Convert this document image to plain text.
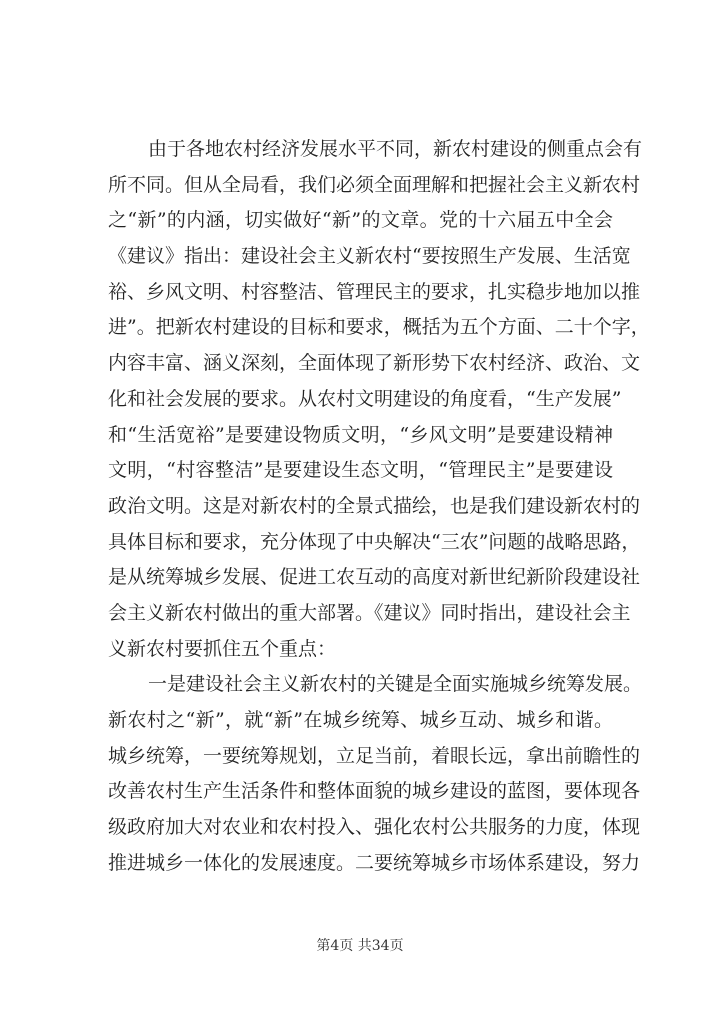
由于各地农村经济发展水平不同，新农村建设的侧重点会有
所不同。但从全局看，我们必须全面理解和把握社会主义新农村
之“新”的内涵，切实做好“新”的文章。党的十六届五中全会
《建议》指出：建设社会主义新农村“要按照生产发展、生活宽
裕、乡风文明、村容整洁、管理民主的要求，扎实稳步地加以推
进”。把新农村建设的目标和要求，概括为五个方面、二十个字，
内容丰富、涵义深刻，全面体现了新形势下农村经济、政治、文
化和社会发展的要求。从农村文明建设的角度看，“生产发展”
和“生活宽裕”是要建设物质文明，“乡风文明”是要建设精神
文明，“村容整洁”是要建设生态文明，“管理民主”是要建设
政治文明。这是对新农村的全景式描绘，也是我们建设新农村的
具体目标和要求，充分体现了中央解决“三农”问题的战略思路，
是从统筹城乡发展、促进工农互动的高度对新世纪新阶段建设社
会主义新农村做出的重大部署。《建议》同时指出，建设社会主
义新农村要抓住五个重点：
一是建设社会主义新农村的关键是全面实施城乡统筹发展。
新农村之“新”，就“新”在城乡统筹、城乡互动、城乡和谐。
城乡统筹，一要统筹规划，立足当前，着眼长远，拿出前瞻性的
改善农村生产生活条件和整体面貌的城乡建设的蓝图，要体现各
级政府加大对农业和农村投入、强化农村公共服务的力度，体现
推进城乡一体化的发展速度。二要统筹城乡市场体系建设，努力
第4页 共34页
